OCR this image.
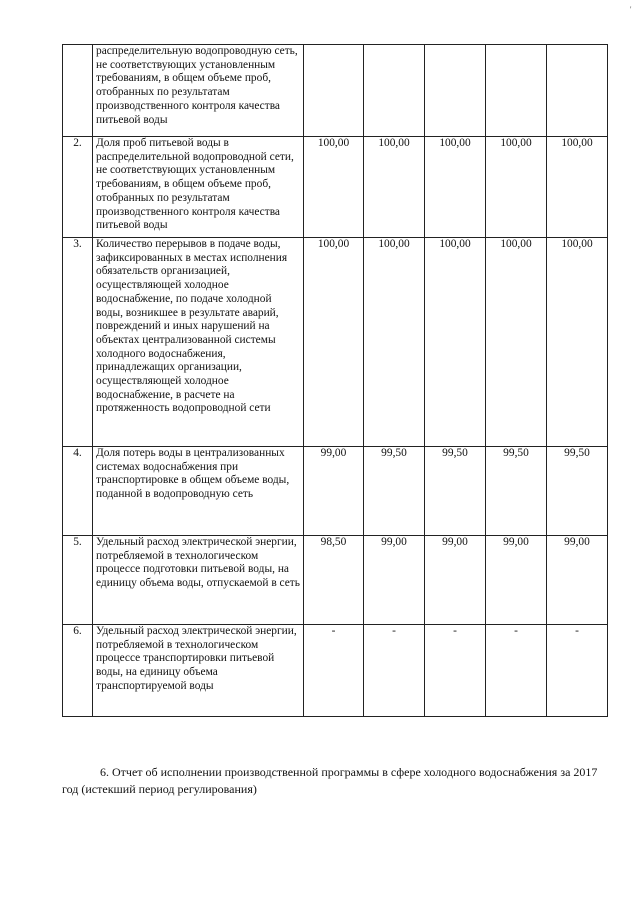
'
	распределительную водопроводную сеть, не соответствующих установленным требованиям, в общем объеме проб, отобранных по результатам производственного контроля качества питьевой воды					
2.	Доля проб питьевой воды в распределительной водопроводной сети, не соответствующих установленным требованиям, в общем объеме проб, отобранных по результатам производственного контроля качества питьевой воды	100,00	100,00	100,00	100,00	100,00
3.	Количество перерывов в подаче воды, зафиксированных в местах исполнения обязательств организацией, осуществляющей холодное водоснабжение, по подаче холодной воды, возникшее в результате аварий, повреждений и иных нарушений на объектах централизованной системы холодного водоснабжения, принадлежащих организации, осуществляющей холодное водоснабжение, в расчете на протяженность водопроводной сети	100,00	100,00	100,00	100,00	100,00
4.	Доля потерь воды в централизованных системах водоснабжения при транспортировке в общем объеме воды, поданной в водопроводную сеть	99,00	99,50	99,50	99,50	99,50
5.	Удельный расход электрической энергии, потребляемой в технологическом процессе подготовки питьевой воды, на единицу объема воды, отпускаемой в сеть	98,50	99,00	99,00	99,00	99,00
6.	Удельный расход электрической энергии, потребляемой в технологическом процессе транспортировки питьевой воды, на единицу объема транспортируемой воды	-	-	-	-	-

6. Отчет об исполнении производственной программы в сфере холодного водоснабжения за 2017 год (истекший период регулирования)
